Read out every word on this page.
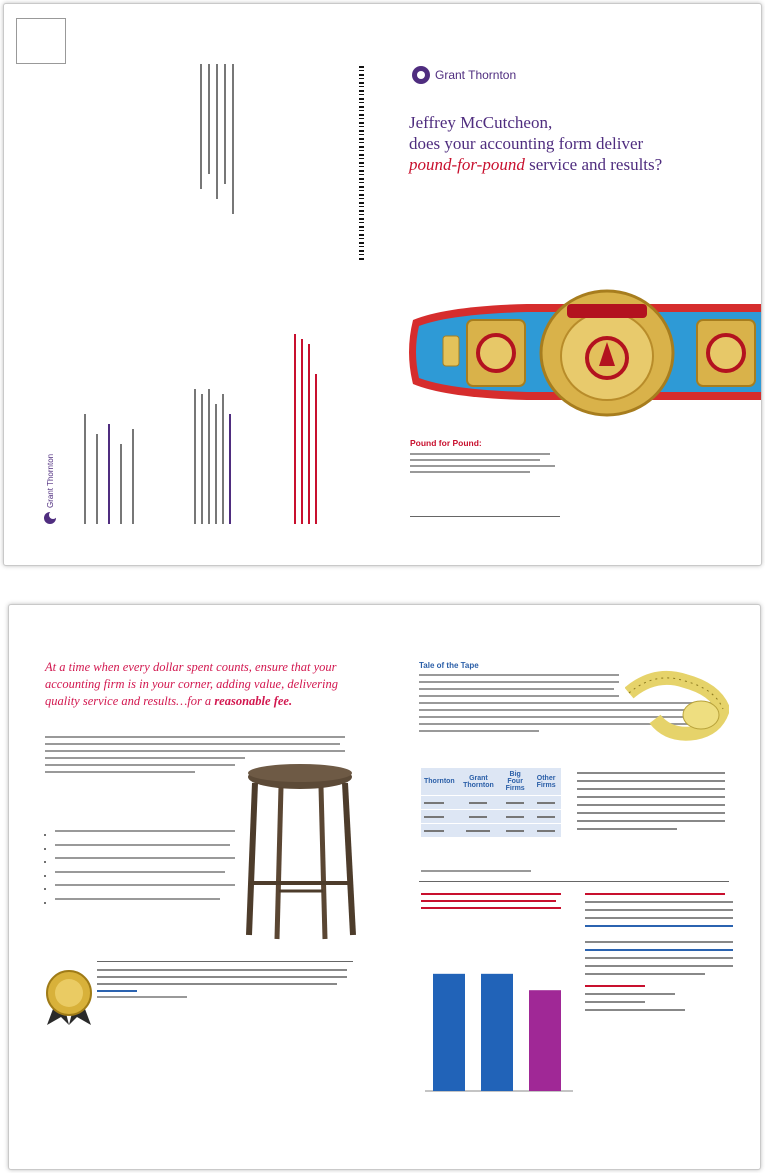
Grant Thornton
Jeffrey McCutcheon,
does your accounting form deliver
pound-for-pound service and results?
Pound for Pound:
Grant Thornton
At a time when every dollar spent counts, ensure that your accounting firm is in your corner, adding value, delivering quality service and results…for a reasonable fee.
•
•
•
•
•
•
Tale of the Tape
Thornton	Grant Thornton	Big Four Firms	Other Firms
